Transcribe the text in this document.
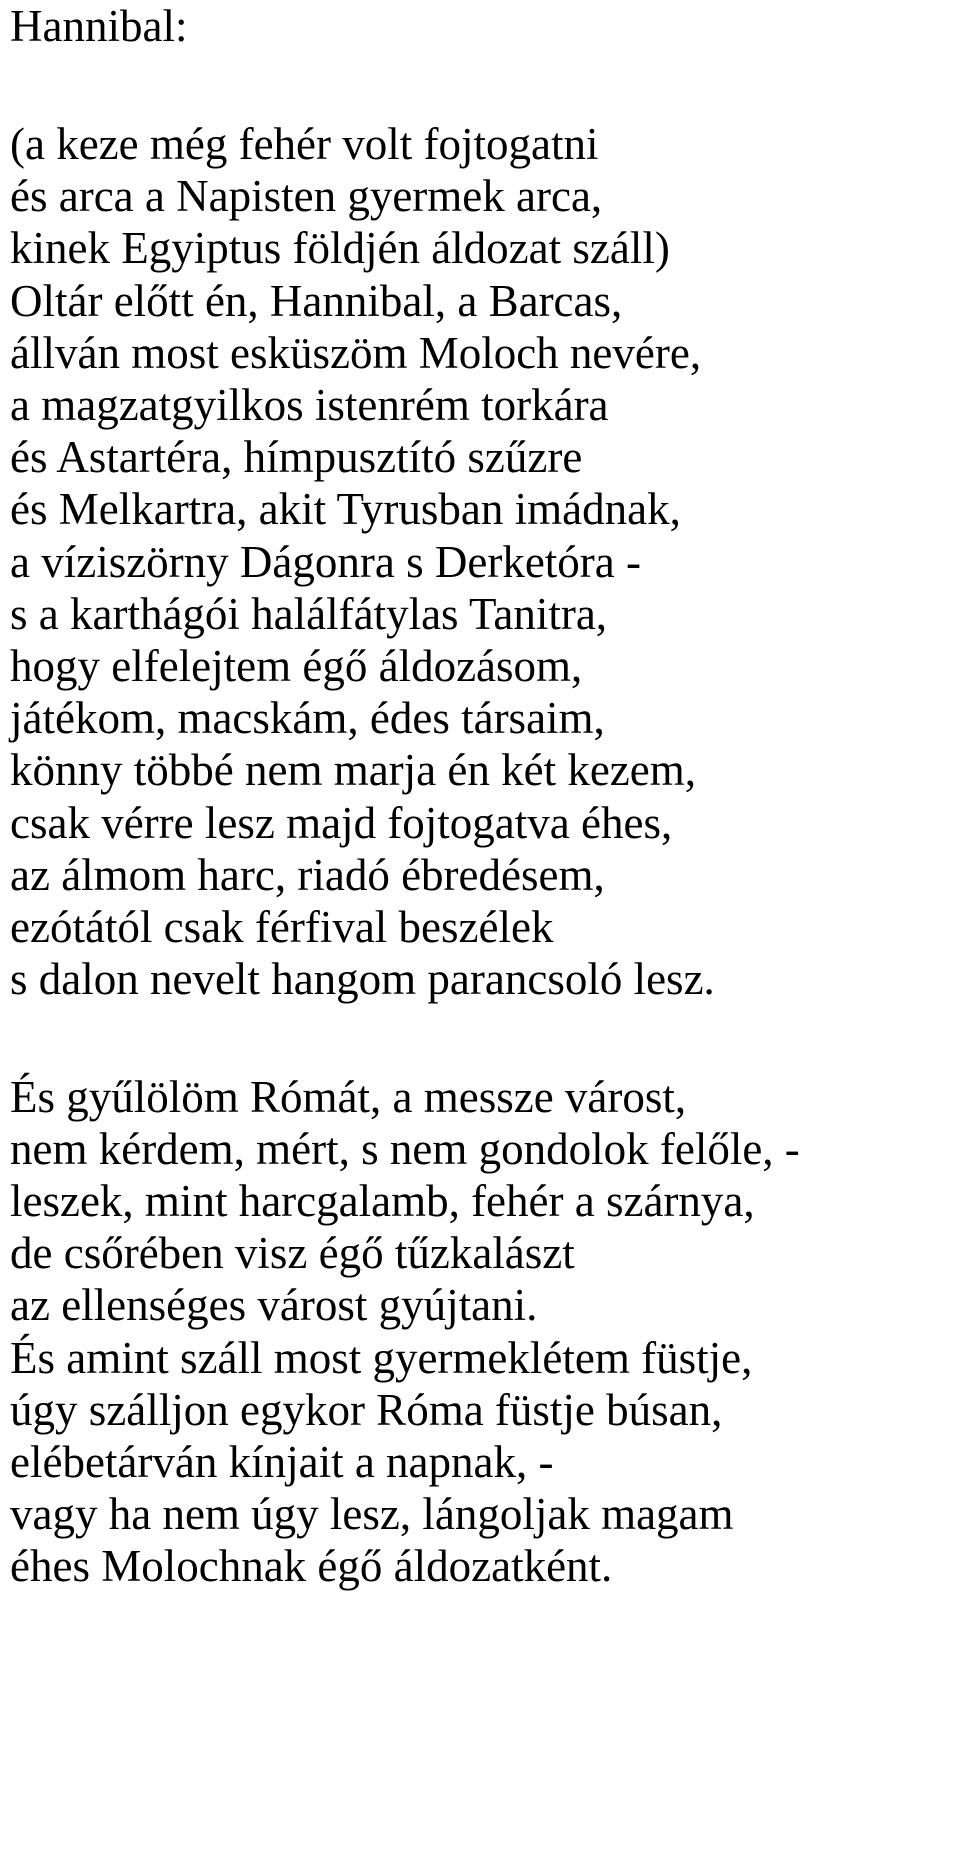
Hannibal:
(a keze még fehér volt fojtogatni
és arca a Napisten gyermek arca,
kinek Egyiptus földjén áldozat száll)
Oltár előtt én, Hannibal, a Barcas,
állván most esküszöm Moloch nevére,
a magzatgyilkos istenrém torkára
és Astartéra, hímpusztító szűzre
és Melkartra, akit Tyrusban imádnak,
a víziszörny Dágonra s Derketóra -
s a karthágói halálfátylas Tanitra,
hogy elfelejtem égő áldozásom,
játékom, macskám, édes társaim,
könny többé nem marja én két kezem,
csak vérre lesz majd fojtogatva éhes,
az álmom harc, riadó ébredésem,
ezótától csak férfival beszélek
s dalon nevelt hangom parancsoló lesz.
És gyűlölöm Rómát, a messze várost,
nem kérdem, mért, s nem gondolok felőle, -
leszek, mint harcgalamb, fehér a szárnya,
de csőrében visz égő tűzkalászt
az ellenséges várost gyújtani.
És amint száll most gyermeklétem füstje,
úgy szálljon egykor Róma füstje búsan,
elébetárván kínjait a napnak, -
vagy ha nem úgy lesz, lángoljak magam
éhes Molochnak égő áldozatként.
